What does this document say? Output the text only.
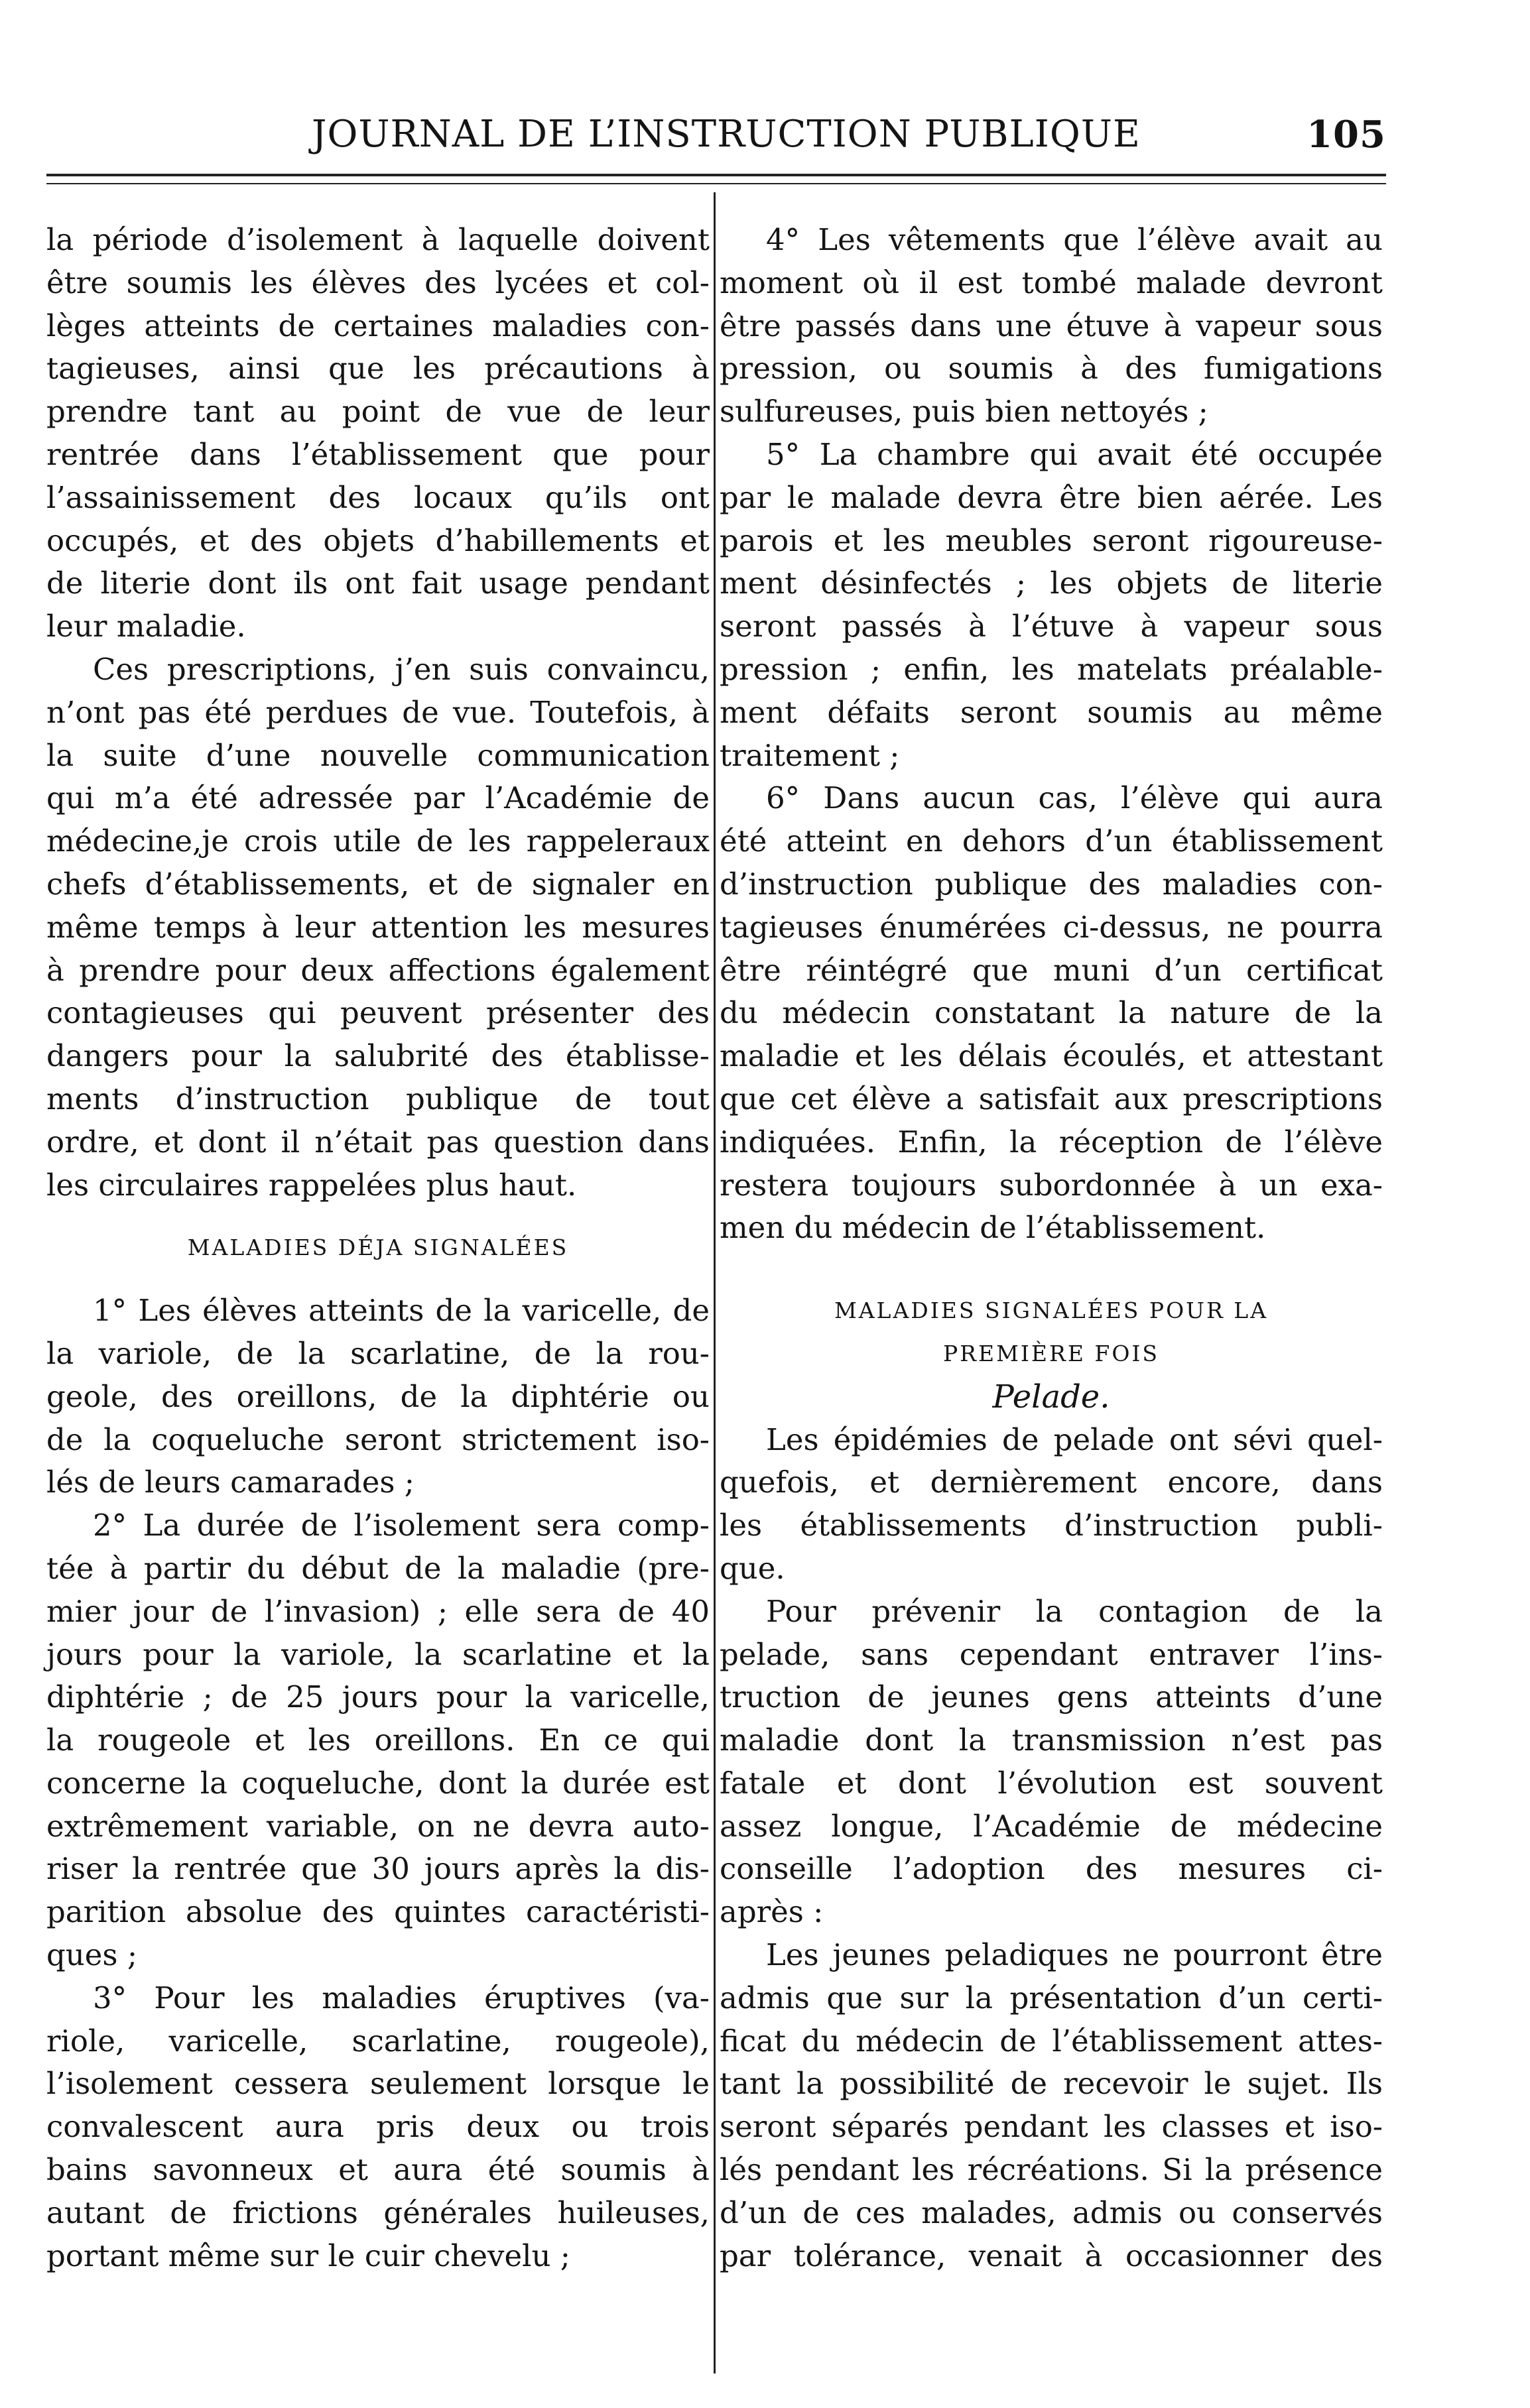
JOURNAL DE L’INSTRUCTION PUBLIQUE	105
la période d’isolement à laquelle doivent
être soumis les élèves des lycées et col-
lèges atteints de certaines maladies con-
tagieuses, ainsi que les précautions à
prendre tant au point de vue de leur
rentrée dans l’établissement que pour
l’assainissement des locaux qu’ils ont
occupés, et des objets d’habillements et
de literie dont ils ont fait usage pendant
leur maladie.
Ces prescriptions, j’en suis convaincu,
n’ont pas été perdues de vue. Toutefois, à
la suite d’une nouvelle communication
qui m’a été adressée par l’Académie de
médecine,je crois utile de les rappeleraux
chefs d’établissements, et de signaler en
même temps à leur attention les mesures
à prendre pour deux affections également
contagieuses qui peuvent présenter des
dangers pour la salubrité des établisse-
ments d’instruction publique de tout
ordre, et dont il n’était pas question dans
les circulaires rappelées plus haut.
MALADIES DÉJA SIGNALÉES
1° Les élèves atteints de la varicelle, de
la variole, de la scarlatine, de la rou-
geole, des oreillons, de la diphtérie ou
de la coqueluche seront strictement iso-
lés de leurs camarades ;
2° La durée de l’isolement sera comp-
tée à partir du début de la maladie (pre-
mier jour de l’invasion) ; elle sera de 40
jours pour la variole, la scarlatine et la
diphtérie ; de 25 jours pour la varicelle,
la rougeole et les oreillons. En ce qui
concerne la coqueluche, dont la durée est
extrêmement variable, on ne devra auto-
riser la rentrée que 30 jours après la dis-
parition absolue des quintes caractéristi-
ques ;
3° Pour les maladies éruptives (va-
riole, varicelle, scarlatine, rougeole),
l’isolement cessera seulement lorsque le
convalescent aura pris deux ou trois
bains savonneux et aura été soumis à
autant de frictions générales huileuses,
portant même sur le cuir chevelu ;
4° Les vêtements que l’élève avait au
moment où il est tombé malade devront
être passés dans une étuve à vapeur sous
pression, ou soumis à des fumigations
sulfureuses, puis bien nettoyés ;
5° La chambre qui avait été occupée
par le malade devra être bien aérée. Les
parois et les meubles seront rigoureuse-
ment désinfectés ; les objets de literie
seront passés à l’étuve à vapeur sous
pression ; enfin, les matelats préalable-
ment défaits seront soumis au même
traitement ;
6° Dans aucun cas, l’élève qui aura
été atteint en dehors d’un établissement
d’instruction publique des maladies con-
tagieuses énumérées ci-dessus, ne pourra
être réintégré que muni d’un certificat
du médecin constatant la nature de la
maladie et les délais écoulés, et attestant
que cet élève a satisfait aux prescriptions
indiquées. Enfin, la réception de l’élève
restera toujours subordonnée à un exa-
men du médecin de l’établissement.
MALADIES SIGNALÉES POUR LA
PREMIÈRE FOIS
Pelade.
Les épidémies de pelade ont sévi quel-
quefois, et dernièrement encore, dans
les établissements d’instruction publi-
que.
Pour prévenir la contagion de la
pelade, sans cependant entraver l’ins-
truction de jeunes gens atteints d’une
maladie dont la transmission n’est pas
fatale et dont l’évolution est souvent
assez longue, l’Académie de médecine
conseille l’adoption des mesures ci-
après :
Les jeunes peladiques ne pourront être
admis que sur la présentation d’un certi-
ficat du médecin de l’établissement attes-
tant la possibilité de recevoir le sujet. Ils
seront séparés pendant les classes et iso-
lés pendant les récréations. Si la présence
d’un de ces malades, admis ou conservés
par tolérance, venait à occasionner des
